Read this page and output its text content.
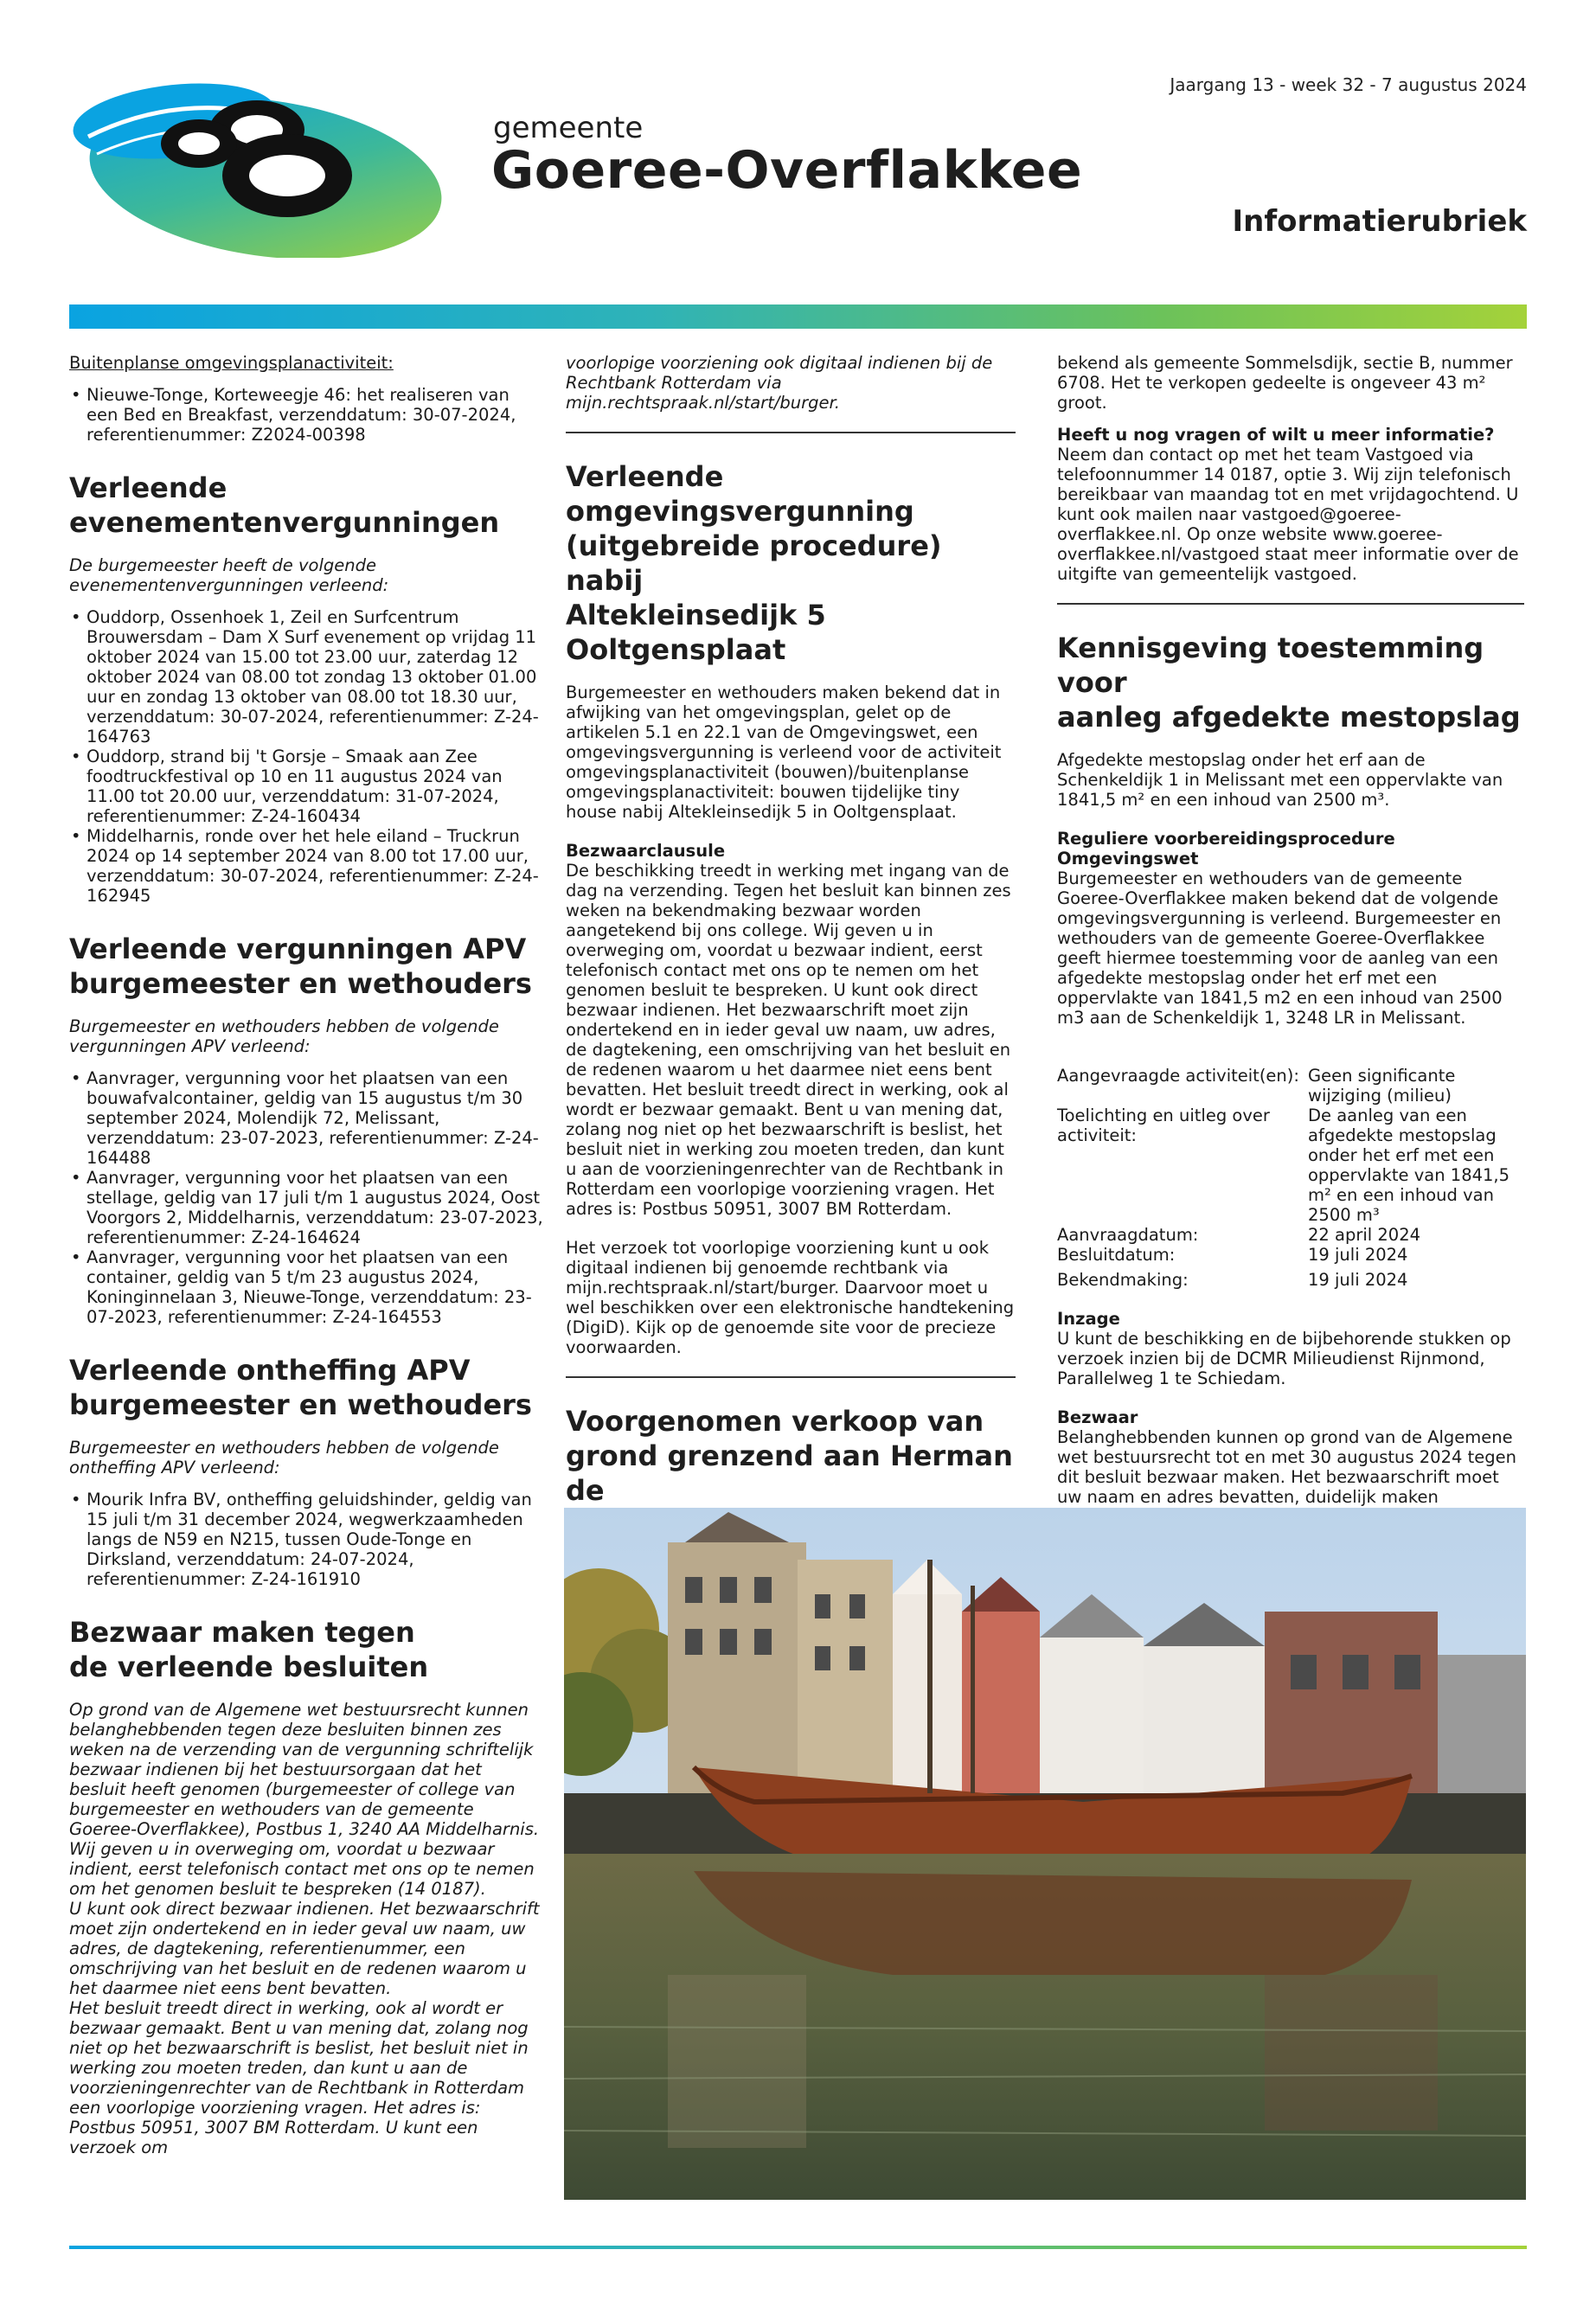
Jaargang 13 - week 32 - 7 augustus 2024
gemeente
Goeree-Overflakkee
Informatierubriek
Buitenplanse omgevingsplanactiviteit:
• Nieuwe-Tonge, Korteweegje 46: het realiseren van een Bed en Breakfast, verzenddatum: 30-07-2024, referentienummer: Z2024-00398
Verleende
evenementenvergunningen

De burgemeester heeft de volgende evenementenvergunningen verleend:

• Ouddorp, Ossenhoek 1, Zeil en Surfcentrum Brouwersdam – Dam X Surf evenement op vrijdag 11 oktober 2024 van 15.00 tot 23.00 uur, zaterdag 12 oktober 2024 van 08.00 tot zondag 13 oktober 01.00 uur en zondag 13 oktober van 08.00 tot 18.30 uur, verzenddatum: 30-07-2024, referentienummer: Z-24-164763
• Ouddorp, strand bij 't Gorsje – Smaak aan Zee foodtruckfestival op 10 en 11 augustus 2024 van 11.00 tot 20.00 uur, verzenddatum: 31-07-2024, referentienummer: Z-24-160434
• Middelharnis, ronde over het hele eiland – Truckrun 2024 op 14 september 2024 van 8.00 tot 17.00 uur, verzenddatum: 30-07-2024, referentienummer: Z-24-162945
Verleende vergunningen APV
burgemeester en wethouders

Burgemeester en wethouders hebben de volgende vergunningen APV verleend:

• Aanvrager, vergunning voor het plaatsen van een bouwafvalcontainer, geldig van 15 augustus t/m 30 september 2024, Molendijk 72, Melissant, verzenddatum: 23-07-2023, referentienummer: Z-24-164488
• Aanvrager, vergunning voor het plaatsen van een stellage, geldig van 17 juli t/m 1 augustus 2024, Oost Voorgors 2, Middelharnis, verzenddatum: 23-07-2023, referentienummer: Z-24-164624
• Aanvrager, vergunning voor het plaatsen van een container, geldig van 5 t/m 23 augustus 2024, Koninginnelaan 3, Nieuwe-Tonge, verzenddatum: 23-07-2023, referentienummer: Z-24-164553
Verleende ontheffing APV
burgemeester en wethouders

Burgemeester en wethouders hebben de volgende ontheffing APV verleend:

• Mourik Infra BV, ontheffing geluidshinder, geldig van 15 juli t/m 31 december 2024, wegwerkzaamheden langs de N59 en N215, tussen Oude-Tonge en Dirksland, verzenddatum: 24-07-2024, referentienummer: Z-24-161910
Bezwaar maken tegen
de verleende besluiten

Op grond van de Algemene wet bestuursrecht kunnen belanghebbenden tegen deze besluiten binnen zes weken na de verzending van de vergunning schriftelijk bezwaar indienen bij het bestuursorgaan dat het besluit heeft genomen (burgemeester of college van burgemeester en wethouders van de gemeente Goeree-Overflakkee), Postbus 1, 3240 AA Middelharnis.

Wij geven u in overweging om, voordat u bezwaar indient, eerst telefonisch contact met ons op te nemen om het genomen besluit te bespreken (14 0187).

U kunt ook direct bezwaar indienen. Het bezwaarschrift moet zijn ondertekend en in ieder geval uw naam, uw adres, de dagtekening, referentienummer, een omschrijving van het besluit en de redenen waarom u het daarmee niet eens bent bevatten.

Het besluit treedt direct in werking, ook al wordt er bezwaar gemaakt. Bent u van mening dat, zolang nog niet op het bezwaarschrift is beslist, het besluit niet in werking zou moeten treden, dan kunt u aan de voorzieningenrechter van de Rechtbank in Rotterdam een voorlopige voorziening vragen. Het adres is: Postbus 50951, 3007 BM Rotterdam. U kunt een verzoek om

voorlopige voorziening ook digitaal indienen bij de Rechtbank Rotterdam via mijn.rechtspraak.nl/start/burger.

Verleende omgevingsvergunning
(uitgebreide procedure) nabij
Altekleinsedijk 5 Ooltgensplaat

Burgemeester en wethouders maken bekend dat in afwijking van het omgevingsplan, gelet op de artikelen 5.1 en 22.1 van de Omgevingswet, een omgevingsvergunning is verleend voor de activiteit omgevingsplanactiviteit (bouwen)/buitenplanse omgevingsplanactiviteit: bouwen tijdelijke tiny house nabij Altekleinsedijk 5 in Ooltgensplaat.

Bezwaarclausule

De beschikking treedt in werking met ingang van de dag na verzending. Tegen het besluit kan binnen zes weken na bekendmaking bezwaar worden aangetekend bij ons college. Wij geven u in overweging om, voordat u bezwaar indient, eerst telefonisch contact met ons op te nemen om het genomen besluit te bespreken. U kunt ook direct bezwaar indienen. Het bezwaarschrift moet zijn ondertekend en in ieder geval uw naam, uw adres, de dagtekening, een omschrijving van het besluit en de redenen waarom u het daarmee niet eens bent bevatten. Het besluit treedt direct in werking, ook al wordt er bezwaar gemaakt. Bent u van mening dat, zolang nog niet op het bezwaarschrift is beslist, het besluit niet in werking zou moeten treden, dan kunt u aan de voorzieningenrechter van de Rechtbank in Rotterdam een voorlopige voorziening vragen. Het adres is: Postbus 50951, 3007 BM Rotterdam.

Het verzoek tot voorlopige voorziening kunt u ook digitaal indienen bij genoemde rechtbank via mijn.rechtspraak.nl/start/burger. Daarvoor moet u wel beschikken over een elektronische handtekening (DigiD). Kijk op de genoemde site voor de precieze voorwaarden.

Voorgenomen verkoop van
grond grenzend aan Herman de

bekend als gemeente Sommelsdijk, sectie B, nummer 6708. Het te verkopen gedeelte is ongeveer 43 m² groot.

Heeft u nog vragen of wilt u meer informatie?

Neem dan contact op met het team Vastgoed via telefoonnummer 14 0187, optie 3. Wij zijn telefonisch bereikbaar van maandag tot en met vrijdagochtend. U kunt ook mailen naar vastgoed@goeree-overflakkee.nl. Op onze website www.goeree-overflakkee.nl/vastgoed staat meer informatie over de uitgifte van gemeentelijk vastgoed.

Kennisgeving toestemming voor
aanleg afgedekte mestopslag

Afgedekte mestopslag onder het erf aan de Schenkeldijk 1 in Melissant met een oppervlakte van 1841,5 m² en een inhoud van 2500 m³.

Reguliere voorbereidingsprocedure Omgevingswet

Burgemeester en wethouders van de gemeente Goeree-Overflakkee maken bekend dat de volgende omgevingsvergunning is verleend. Burgemeester en wethouders van de gemeente Goeree-Overflakkee geeft hiermee toestemming voor de aanleg van een afgedekte mestopslag onder het erf met een oppervlakte van 1841,5 m2 en een inhoud van 2500 m3 aan de Schenkeldijk 1, 3248 LR in Melissant.

Aangevraagde activiteit(en):	Geen significante wijziging (milieu)
Toelichting en uitleg over activiteit:	De aanleg van een afgedekte mestopslag onder het erf met een oppervlakte van 1841,5 m² en een inhoud van 2500 m³
Aanvraagdatum:	22 april 2024
Besluitdatum:	19 juli 2024
Bekendmaking:	19 juli 2024
Inzage

U kunt de beschikking en de bijbehorende stukken op verzoek inzien bij de DCMR Milieudienst Rijnmond, Parallelweg 1 te Schiedam.

Bezwaar

Belanghebbenden kunnen op grond van de Algemene wet bestuursrecht tot en met 30 augustus 2024 tegen dit besluit bezwaar maken. Het bezwaarschrift moet uw naam en adres bevatten, duidelijk maken
